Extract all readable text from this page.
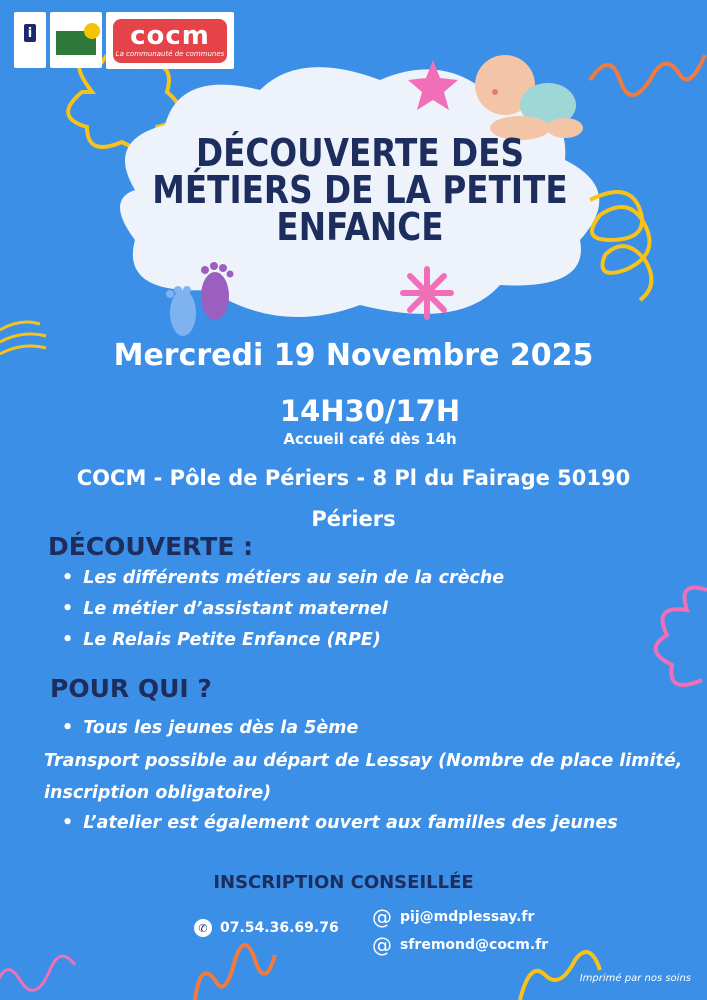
i	cocm
La communauté de communes
DÉCOUVERTE DES
MÉTIERS DE LA PETITE
ENFANCE
Mercredi 19 Novembre 2025
14H30/17H
Accueil café dès 14h
COCM - Pôle de Périers - 8 Pl du Fairage 50190
Périers
DÉCOUVERTE :
• Les différents métiers au sein de la crèche
• Le métier d’assistant maternel
• Le Relais Petite Enfance (RPE)
POUR QUI ?
• Tous les jeunes dès la 5ème
Transport possible au départ de Lessay (Nombre de place limité,
inscription obligatoire)
• L’atelier est également ouvert aux familles des jeunes
INSCRIPTION CONSEILLÉE
✆ 07.54.36.69.76 @ pij@mdplessay.fr
@ sfremond@cocm.fr
Imprimé par nos soins
